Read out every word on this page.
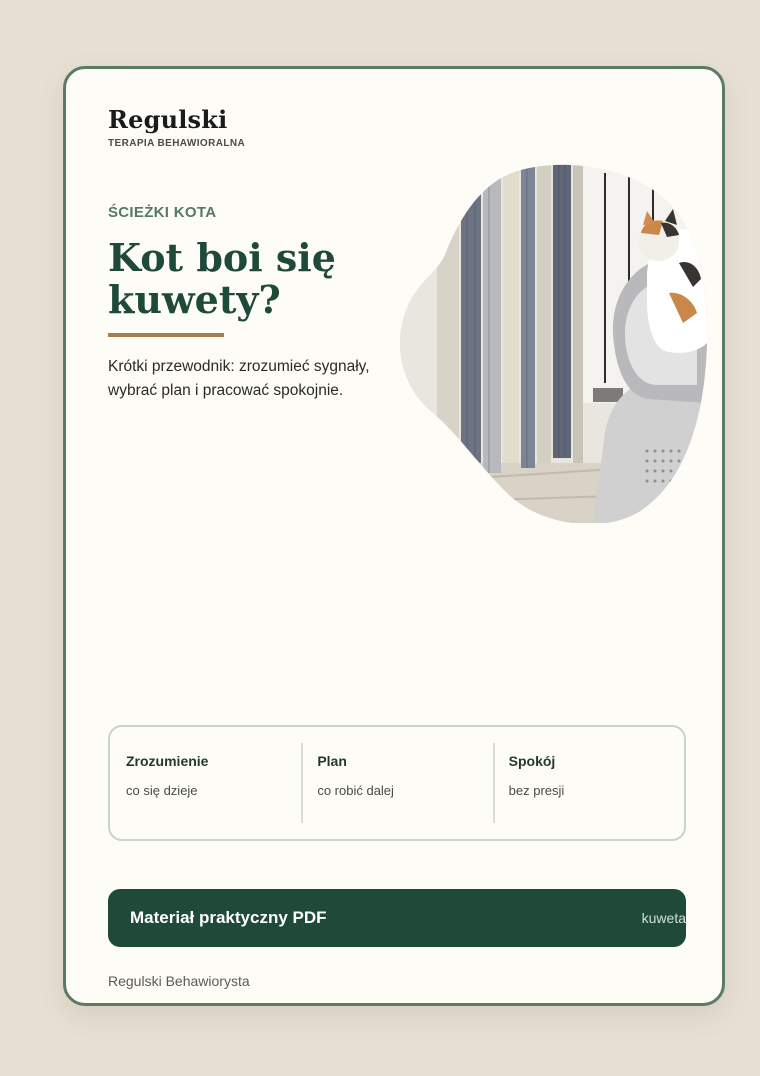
Regulski
TERAPIA BEHAWIORALNA
ŚCIEŻKI KOTA
Kot boi się kuwety?
Krótki przewodnik: zrozumieć sygnały, wybrać plan i pracować spokojnie.
Zrozumienie
co się dzieje
Plan
co robić dalej
Spokój
bez presji
Materiał praktyczny PDF	kuweta
Regulski Behawiorysta
